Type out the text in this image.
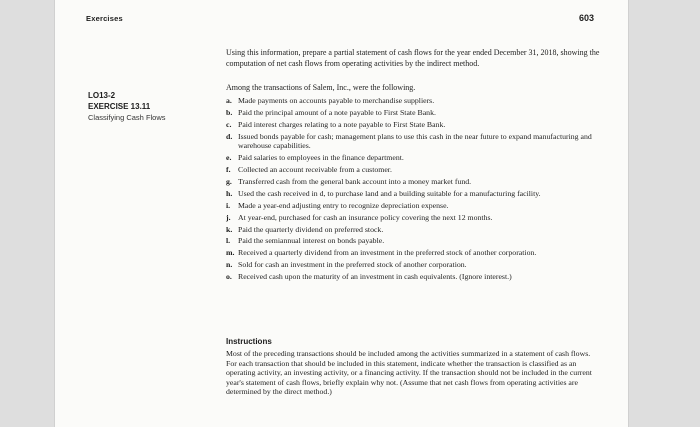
Exercises	603
Using this information, prepare a partial statement of cash flows for the year ended December 31, 2018, showing the computation of net cash flows from operating activities by the indirect method.
LO13-2
EXERCISE 13.11
Classifying Cash Flows
Among the transactions of Salem, Inc., were the following.
a. Made payments on accounts payable to merchandise suppliers.
b. Paid the principal amount of a note payable to First State Bank.
c. Paid interest charges relating to a note payable to First State Bank.
d. Issued bonds payable for cash; management plans to use this cash in the near future to expand manufacturing and warehouse capabilities.
e. Paid salaries to employees in the finance department.
f. Collected an account receivable from a customer.
g. Transferred cash from the general bank account into a money market fund.
h. Used the cash received in d, to purchase land and a building suitable for a manufacturing facility.
i. Made a year-end adjusting entry to recognize depreciation expense.
j. At year-end, purchased for cash an insurance policy covering the next 12 months.
k. Paid the quarterly dividend on preferred stock.
l. Paid the semiannual interest on bonds payable.
m. Received a quarterly dividend from an investment in the preferred stock of another corporation.
n. Sold for cash an investment in the preferred stock of another corporation.
o. Received cash upon the maturity of an investment in cash equivalents. (Ignore interest.)
Instructions
Most of the preceding transactions should be included among the activities summarized in a statement of cash flows. For each transaction that should be included in this statement, indicate whether the transaction is classified as an operating activity, an investing activity, or a financing activity. If the transaction should not be included in the current year's statement of cash flows, briefly explain why not. (Assume that net cash flows from operating activities are determined by the direct method.)
